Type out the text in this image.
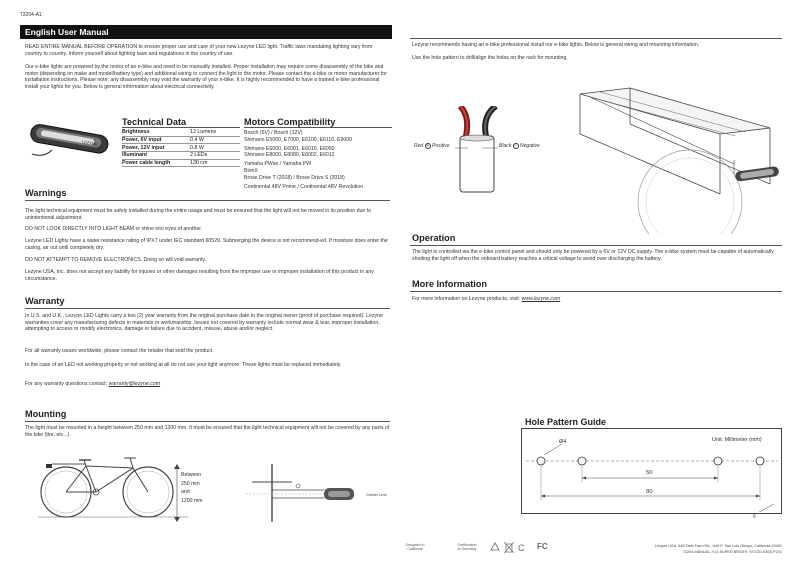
73204-A1
English User Manual
READ ENTIRE MANUAL BEFORE OPERATION to ensure proper use and care of your new Lezyne LED light. Traffic laws mandating lighting vary from country to country. Inform yourself about lighting laws and regulations in the country of use.
Our e-bike lights are powered by the motor of an e-bike and need to be manually installed. Proper installation may require some disassembly of the bike and motor (depending on make and model/battery type) and additional wiring to connect the light to the motor. Please contact the e-bike or motor manufacturer for installation instructions. Please note: any disassembly may void the warranty of your e-bike. It is highly recommended to have a trained e-bike professional install your lights for you. Below is general information about electrical connectivity.
LEZYNE
Technical Data
Brightness	12 Lumens
Power, 6V input	0.4 W
Power, 12V input	0.8 W
Illuminant	2 LEDs
Power cable length	130 cm
Motors Compatibility
Bosch (6V) / Bosch (12V)
Shimano E5000, E7000, E6100, E6110, E9000
Shimano E6000, E6001, E6010, E6050
Shimano E8000, E8080, E6002, E6012
Yamaha PWse / Yamaha PW
BionX
Brose Drive T (2018) / Brose Drive S (2018)
Continental 48V Prime / Continental 48V Revolution
Warnings
The light technical equipment must be safely installed during the entire usage and must be ensured that the light will not be moved in its position due to unintentional adjustment.
DO NOT LOOK DIRECTLY INTO LIGHT BEAM or shine into eyes of another.
Lezyne LED Lights have a water resistance rating of IPX7 under IEC standard 60529. Submerging the device is not recommend-ed. If moisture does enter the casing, air out until completely dry.
DO NOT ATTEMPT TO REMOVE ELECTRONICS. Doing so will void warranty.
Lezyne USA, Inc. does not accept any liability for injuries or other damages resulting from the improper use or improper installation of this product in any circumstance.
Warranty
In U.S. and U.K., Lezyne LED Lights carry a two (2) year warranty from the original purchase date to the original owner (proof of purchase required). Lezyne warranties cover any manufacturing defects in materials or workmanship. Issues not covered by warranty include normal wear & tear, improper installation, attempting to access or modify electronics, damage or failure due to accident, misuse, abuse and/or neglect.
For all warranty issues worldwide, please contact the retailer that sold the product.
In the case of an LED not working properly or not working at all do not use your light anymore. These lights must be replaced immediately.
For any warranty questions contact: warranty@lezyne.com
Mounting
The light must be mounted in a height between 250 mm and 1200 mm. It must be ensured that the light technical equipment will not be covered by any parts of the bike (tire, etc...).
Between
250 mm
and
1200 mm
Center Line
Lezyne recommends having an e-bike professional install our e-bike lights. Below is general wiring and mounting information.
Use the hole pattern to drill/align the holes on the rack for mounting.
Red + Positive	Black − Negative
Operation
The light is controlled via the e-bike control panel and should only be powered by a 6V or 12V DC supply. The e-bike system must be capable of automatically shutting the light off when the onboard battery reaches a critical voltage to avoid over discharging the battery.
More Information
For more information on Lezyne products, visit: www.lezyne.com
Hole Pattern Guide
Unit: Millimeter (mm)
Ø4
50
80
6
Designed in
California
Certification
in Germany	C FC	Lezyne USA, 645 Tank Farm Rd., Unit F, San Luis Obispo, California 93401
73204-MANUAL-Y13-SUPER BRIGHT STVZO-E800-P241
